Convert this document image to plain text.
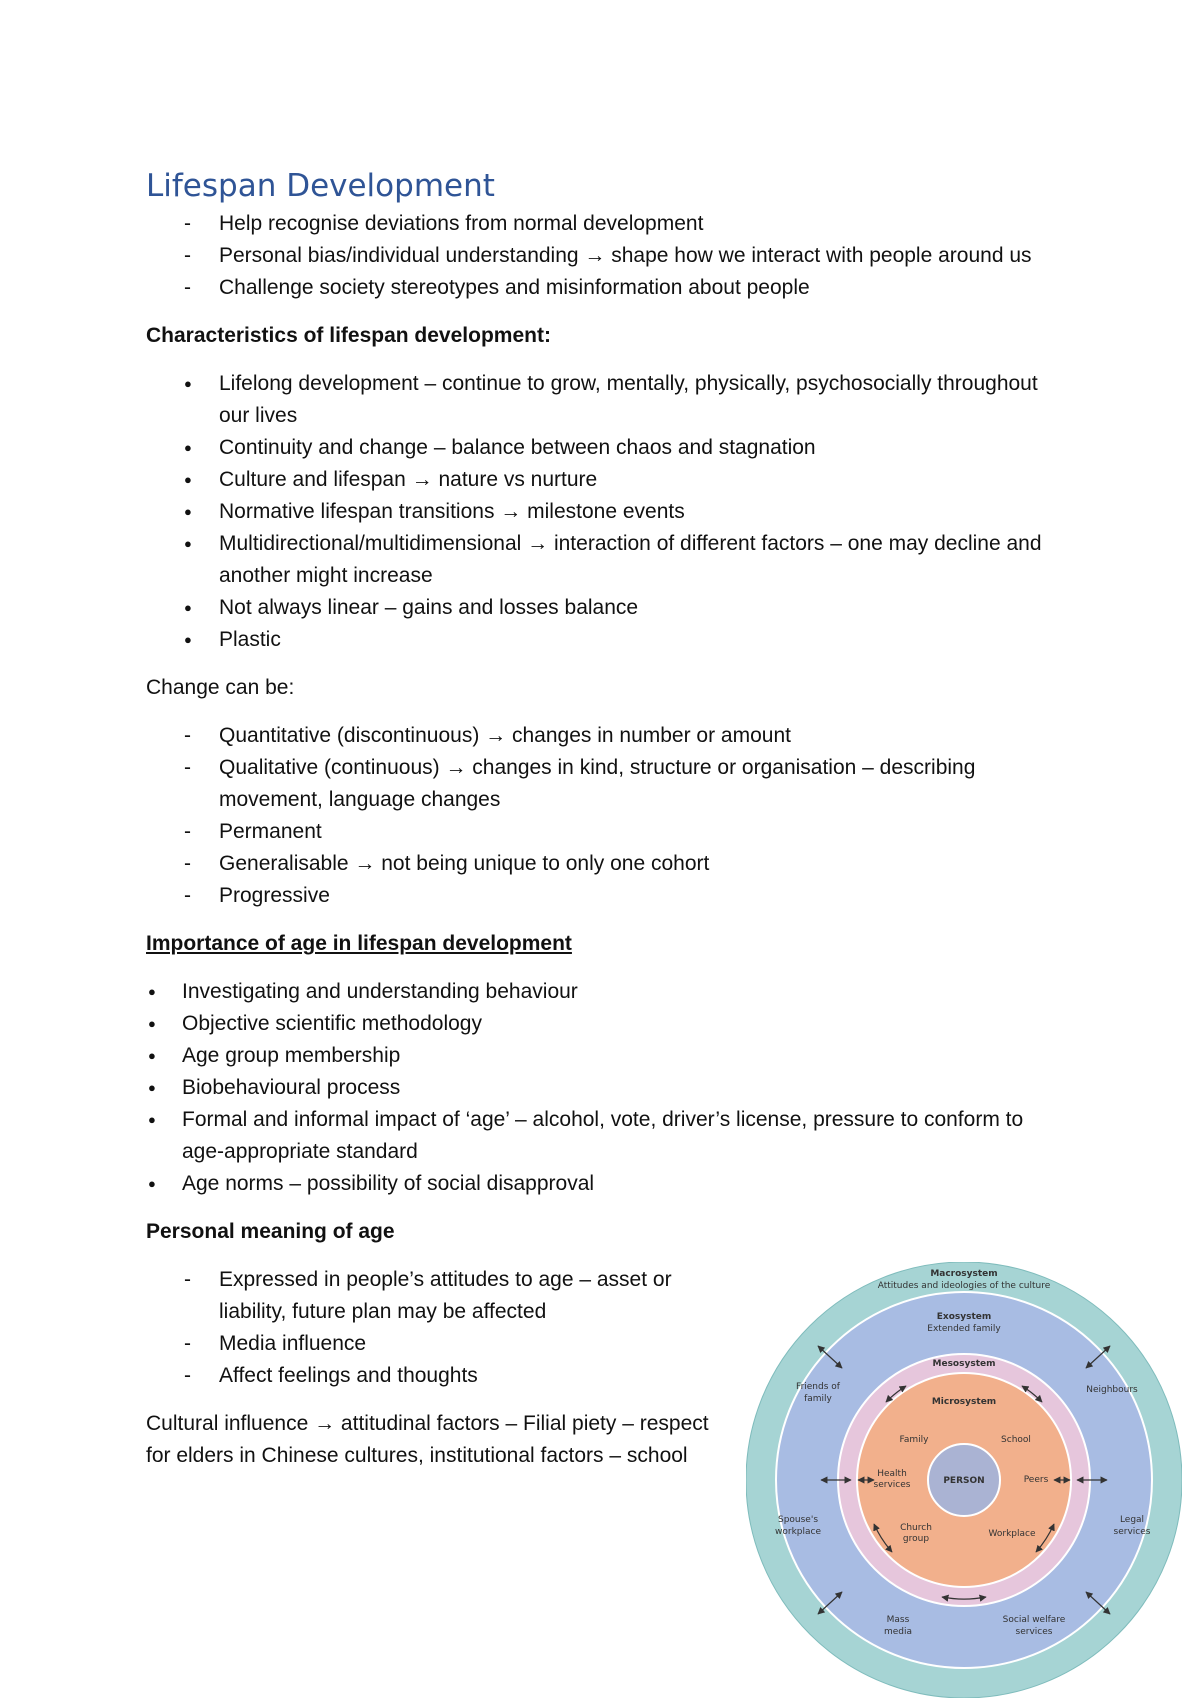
Lifespan Development
- Help recognise deviations from normal development
- Personal bias/individual understanding → shape how we interact with people around us
- Challenge society stereotypes and misinformation about people
Characteristics of lifespan development:
● Lifelong development – continue to grow, mentally, physically, psychosocially throughout our lives
● Continuity and change – balance between chaos and stagnation
● Culture and lifespan → nature vs nurture
● Normative lifespan transitions → milestone events
● Multidirectional/multidimensional → interaction of different factors – one may decline and another might increase
● Not always linear – gains and losses balance
● Plastic
Change can be:
- Quantitative (discontinuous) → changes in number or amount
- Qualitative (continuous) → changes in kind, structure or organisation – describing movement, language changes
- Permanent
- Generalisable → not being unique to only one cohort
- Progressive
Importance of age in lifespan development
● Investigating and understanding behaviour
● Objective scientific methodology
● Age group membership
● Biobehavioural process
● Formal and informal impact of ‘age’ – alcohol, vote, driver’s license, pressure to conform to age-appropriate standard
● Age norms – possibility of social disapproval
Personal meaning of age
- Expressed in people’s attitudes to age – asset or liability, future plan may be affected
- Media influence
- Affect feelings and thoughts
Cultural influence → attitudinal factors – Filial piety – respect for elders in Chinese cultures, institutional factors – school
Macrosystem
Attitudes and ideologies of the culture
Exosystem
Extended family
Mesosystem
Microsystem
PERSON
Family	School
Health
services	Peers
Church
group	Workplace
Friends of
family
Neighbours
Spouse's
workplace
Legal
services
Mass
media
Social welfare
services
